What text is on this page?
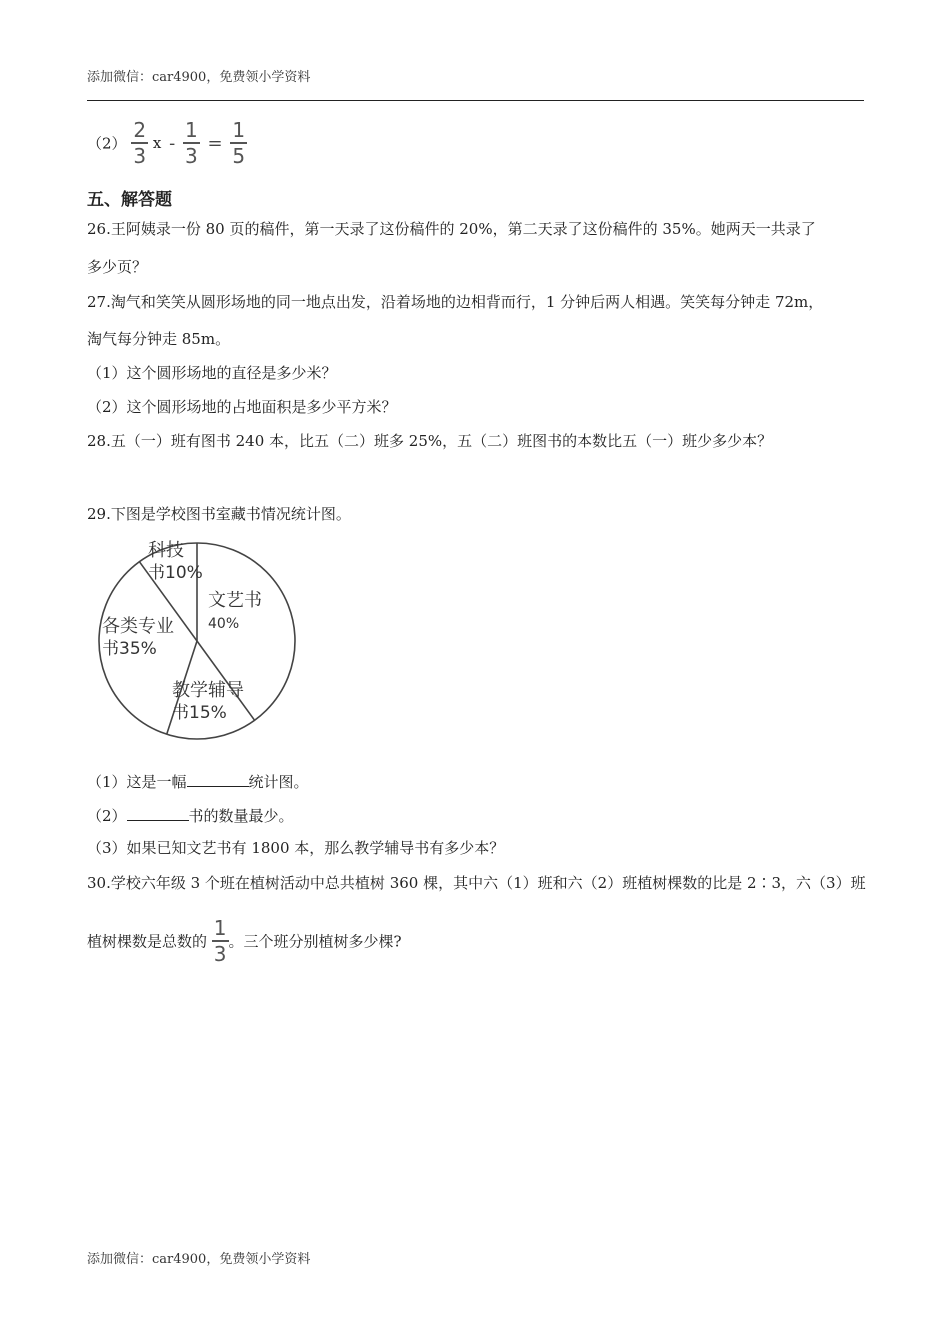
添加微信：car4900，免费领小学资料
$(2) \frac{2}{3}$ $x - \frac{1}{3} = \frac{1}{5}$
五、解答题
26.王阿姨录一份 80 页的稿件，第一天录了这份稿件的 20%，第二天录了这份稿件的 35%。她两天一共录了
多少页？
27.淘气和笑笑从圆形场地的同一地点出发，沿着场地的边相背而行，1 分钟后两人相遇。笑笑每分钟走 72m，
淘气每分钟走 85m。
（1）这个圆形场地的直径是多少米？
（2）这个圆形场地的占地面积是多少平方米？
28.五（一）班有图书 240 本，比五（二）班多 25%，五（二）班图书的本数比五（一）班少多少本？
29.下图是学校图书室藏书情况统计图。
文艺书
40%
教学辅导
书15%
各类专业
书35%
科技
书10%
（1）这是一幅	统计图。
（2）	书的数量最少。
（3）如果已知文艺书有 1800 本，那么教学辅导书有多少本？
30.学校六年级 3 个班在植树活动中总共植树 360 棵，其中六（1）班和六（2）班植树棵数的比是 2∶3，六（3）班
植树棵数是总数的 $\frac{1}{3}$ 。三个班分别植树多少棵?
添加微信：car4900，免费领小学资料
